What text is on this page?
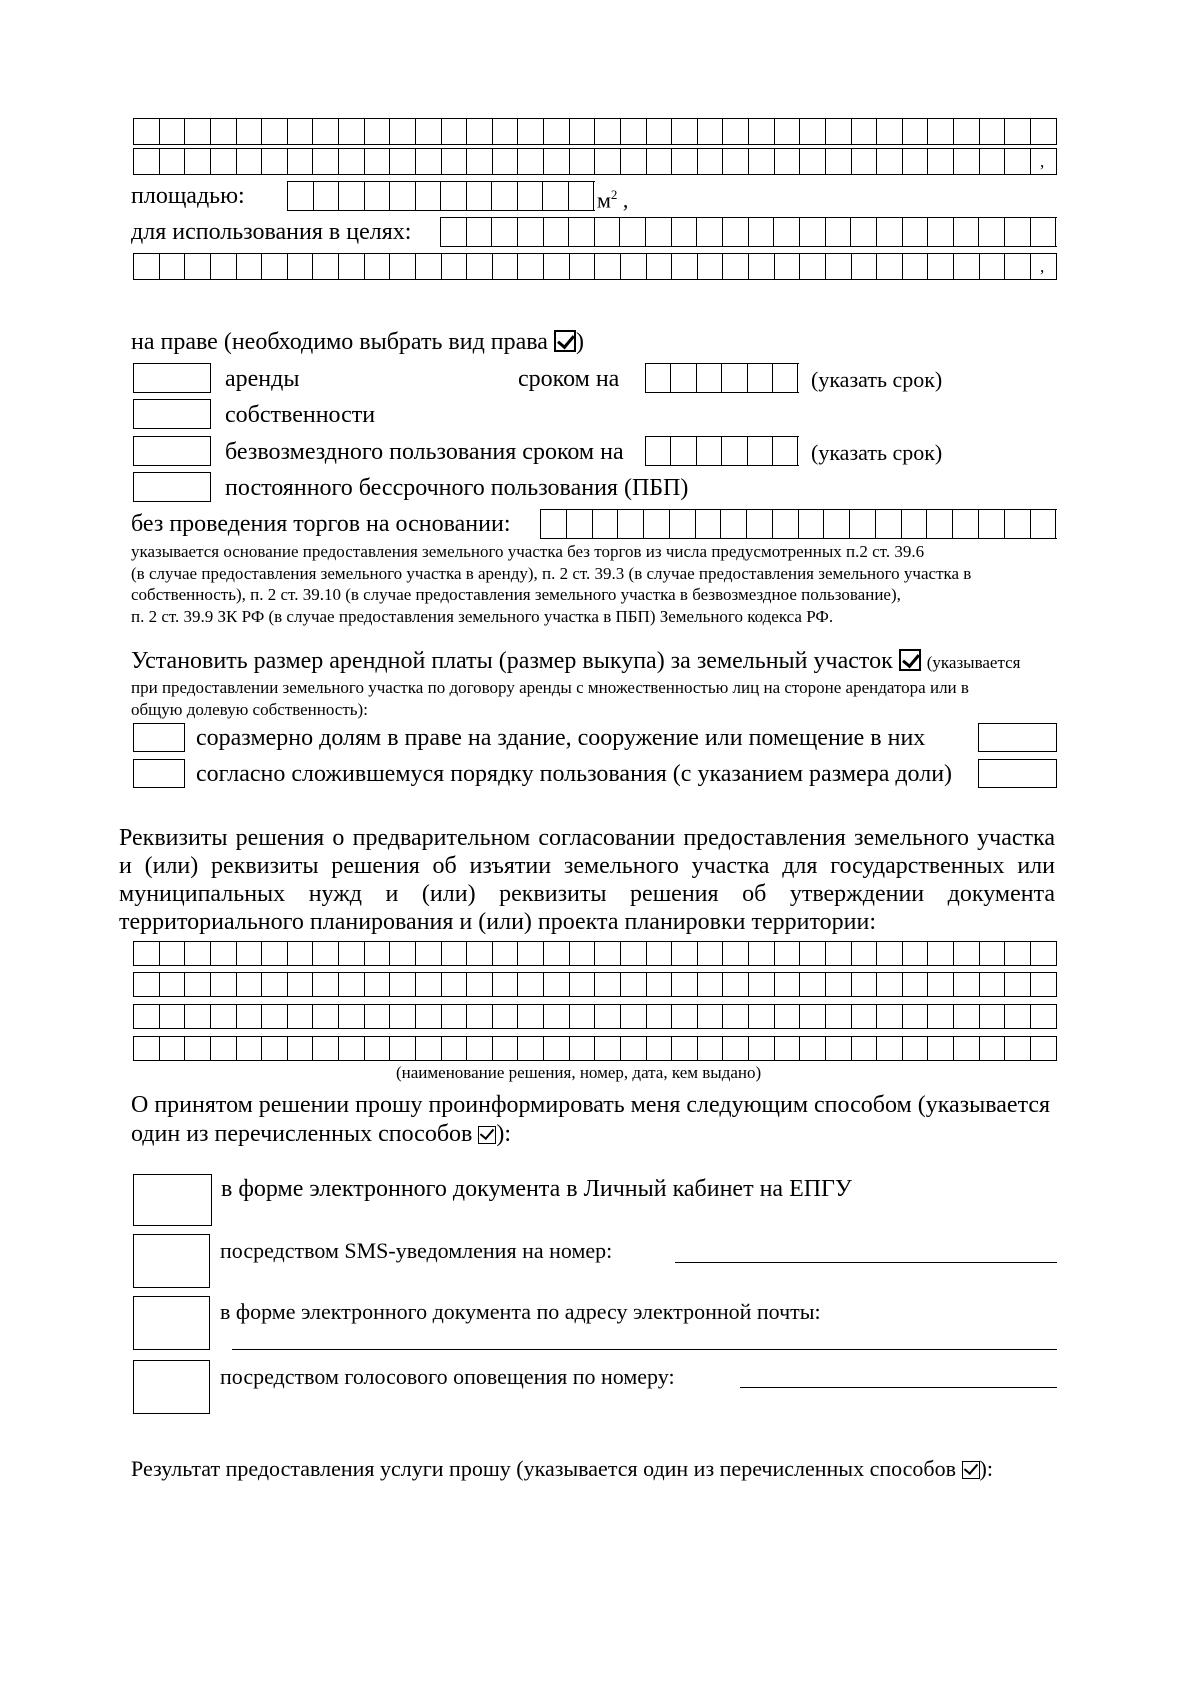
,
площадью:	$м^2$ ,
для использования в целях:
,
на праве (необходимо выбрать вид права )
аренды	сроком на	(указать срок)
собственности
безвозмездного пользования сроком на	(указать срок)
постоянного бессрочного пользования (ПБП)
без проведения торгов на основании:
указывается основание предоставления земельного участка без торгов из числа предусмотренных п.2 ст. 39.6
(в случае предоставления земельного участка в аренду), п. 2 ст. 39.3 (в случае предоставления земельного участка в
собственность), п. 2 ст. 39.10 (в случае предоставления земельного участка в безвозмездное пользование),
п. 2 ст. 39.9 ЗК РФ (в случае предоставления земельного участка в ПБП) Земельного кодекса РФ.
Установить размер арендной платы (размер выкупа) за земельный участок (указывается
при предоставлении земельного участка по договору аренды с множественностью лиц на стороне арендатора или в
общую долевую собственность):
соразмерно долям в праве на здание, сооружение или помещение в них
согласно сложившемуся порядку пользования (с указанием размера доли)
Реквизиты решения о предварительном согласовании предоставления земельного участка и (или) реквизиты решения об изъятии земельного участка для государственных или муниципальных нужд и (или) реквизиты решения об утверждении документа территориального планирования и (или) проекта планировки территории:
(наименование решения, номер, дата, кем выдано)
О принятом решении прошу проинформировать меня следующим способом (указывается
один из перечисленных способов ):
в форме электронного документа в Личный кабинет на ЕПГУ
посредством SMS-уведомления на номер:
в форме электронного документа по адресу электронной почты:
посредством голосового оповещения по номеру:
Результат предоставления услуги прошу (указывается один из перечисленных способов ):
